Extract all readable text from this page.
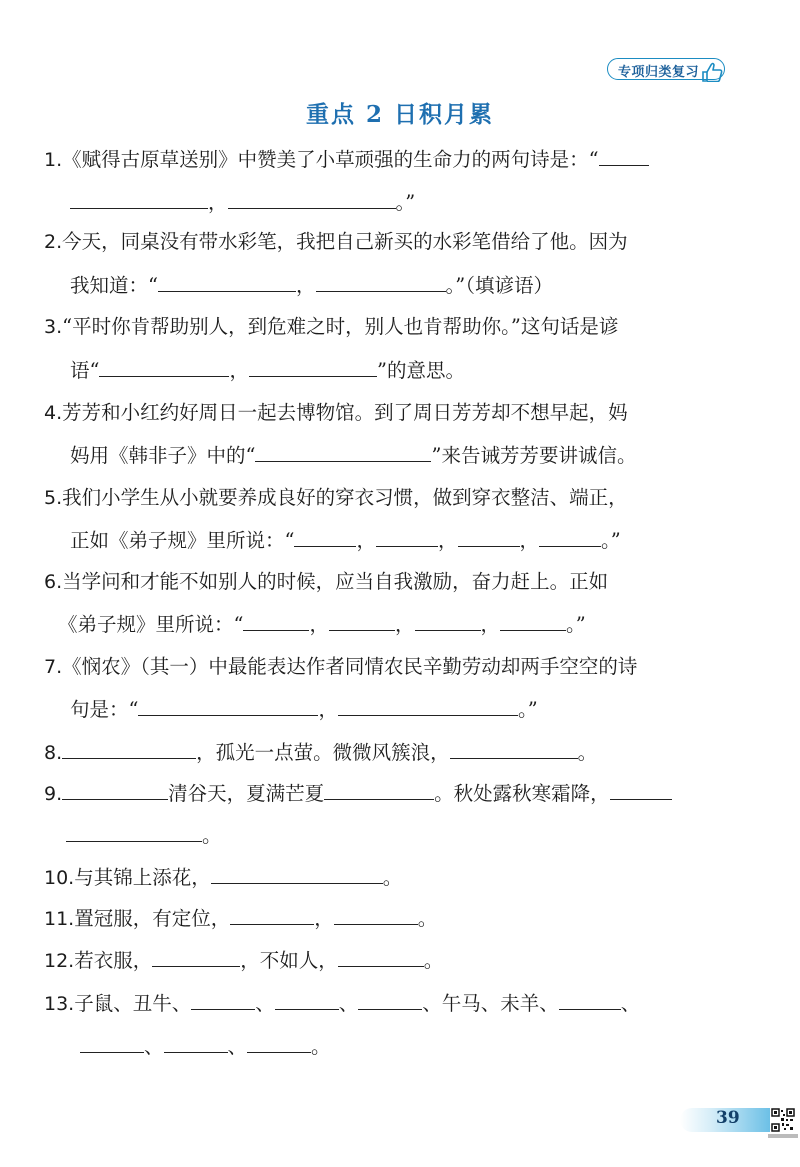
专项归类复习
重点 2 日积月累
1.《赋得古原草送别》中赞美了小草顽强的生命力的两句诗是：“
，	。”
2.今天，同桌没有带水彩笔，我把自己新买的水彩笔借给了他。因为
我知道：“	，	。”（填谚语）
3.“平时你肯帮助别人，到危难之时，别人也肯帮助你。”这句话是谚
语“	，	”的意思。
4.芳芳和小红约好周日一起去博物馆。到了周日芳芳却不想早起，妈
妈用《韩非子》中的“	”来告诫芳芳要讲诚信。
5.我们小学生从小就要养成良好的穿衣习惯，做到穿衣整洁、端正，
正如《弟子规》里所说：“	，	，	，	。”
6.当学问和才能不如别人的时候，应当自我激励，奋力赶上。正如
《弟子规》里所说：“	，	，	，	。”
7.《悯农》（其一）中最能表达作者同情农民辛勤劳动却两手空空的诗
句是：“	，	。”
8.	，孤光一点萤。微微风簇浪，	。
9.	清谷天，夏满芒夏	。秋处露秋寒霜降，
。
10.与其锦上添花，	。
11.置冠服，有定位，	，	。
12.若衣服，	，不如人，	。
13.子鼠、丑牛、	、	、	、午马、未羊、	、
、	、	。
39
